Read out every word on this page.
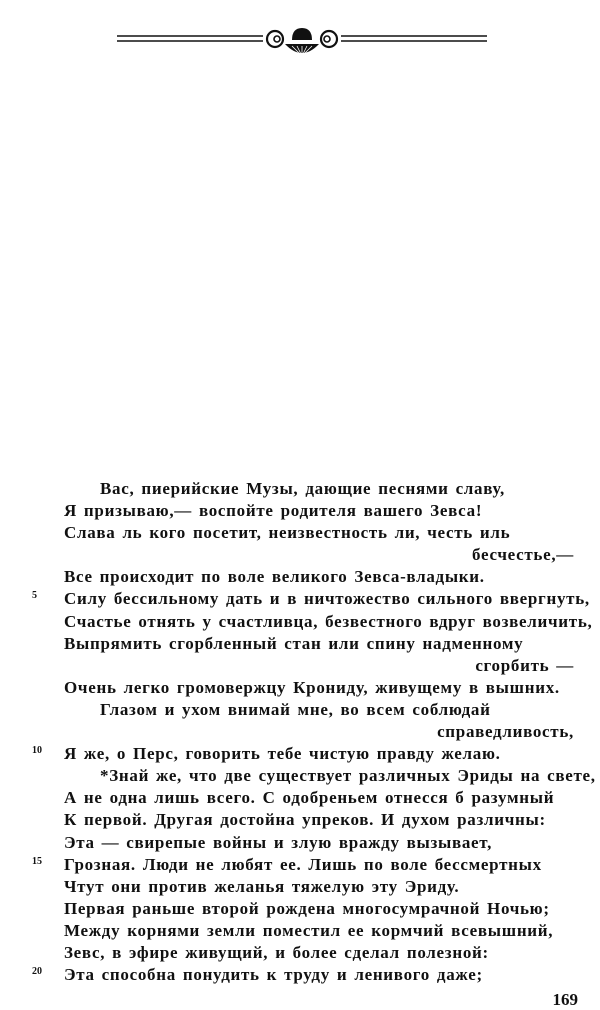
Вас, пиерийские Музы, дающие песнями славу,
Я призываю,— воспойте родителя вашего Зевса!
Слава ль кого посетит, неизвестность ли, честь иль
бесчестье,—
Все происходит по воле великого Зевса-владыки.
5 Силу бессильному дать и в ничтожество сильного ввергнуть,
Счастье отнять у счастливца, безвестного вдруг возвеличить,
Выпрямить сгорбленный стан или спину надменному
сгорбить —
Очень легко громовержцу Крониду, живущему в вышних.
Глазом и ухом внимай мне, во всем соблюдай
справедливость,
10 Я же, о Перс, говорить тебе чистую правду желаю.
*Знай же, что две существует различных Эриды на свете,
А не одна лишь всего. С одобреньем отнесся б разумный
К первой. Другая достойна упреков. И духом различны:
Эта — свирепые войны и злую вражду вызывает,
15 Грозная. Люди не любят ее. Лишь по воле бессмертных
Чтут они против желанья тяжелую эту Эриду.
Первая раньше второй рождена многосумрачной Ночью;
Между корнями земли поместил ее кормчий всевышний,
Зевс, в эфире живущий, и более сделал полезной:
20 Эта способна понудить к труду и ленивого даже;
169
